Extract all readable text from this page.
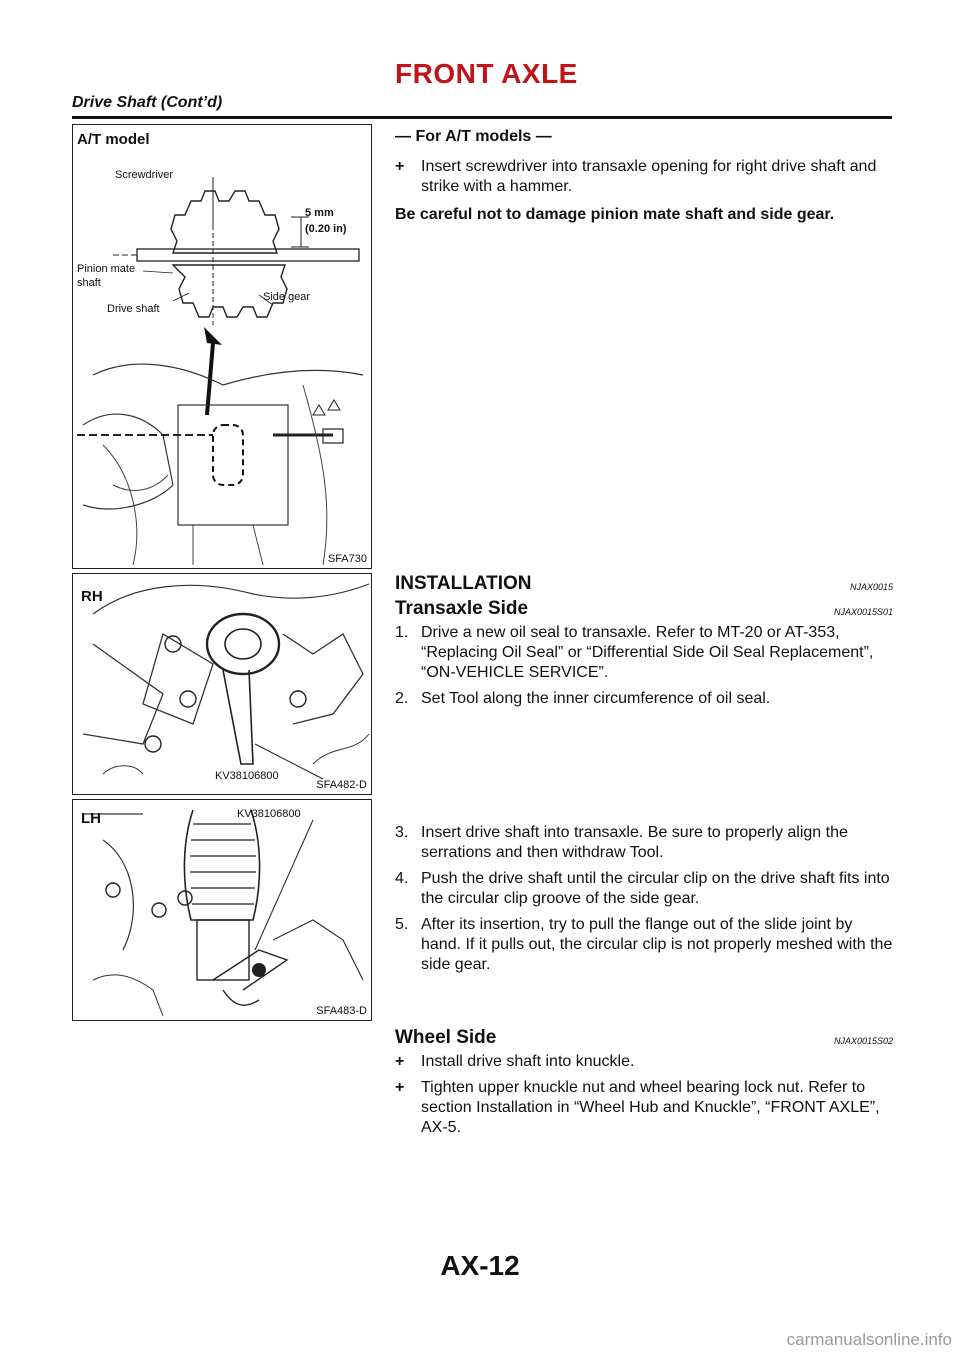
FRONT AXLE
Drive Shaft (Cont’d)
A/T model
Screwdriver
5 mm
(0.20 in)
Pinion mate
shaft
Drive shaft
Side gear
SFA730
RH
KV38106800
SFA482-D
LH	KV38106800
SFA483-D

— For A/T models —

+ Insert screwdriver into transaxle opening for right drive shaft and strike with a hammer.

Be careful not to damage pinion mate shaft and side gear.

INSTALLATION	NJAX0015
Transaxle Side	NJAX0015S01
1. Drive a new oil seal to transaxle. Refer to MT-20 or AT-353, “Replacing Oil Seal” or “Differential Side Oil Seal Replacement”, “ON-VEHICLE SERVICE”.
2. Set Tool along the inner circumference of oil seal.
3. Insert drive shaft into transaxle. Be sure to properly align the serrations and then withdraw Tool.
4. Push the drive shaft until the circular clip on the drive shaft fits into the circular clip groove of the side gear.
5. After its insertion, try to pull the flange out of the slide joint by hand. If it pulls out, the circular clip is not properly meshed with the side gear.
Wheel Side	NJAX0015S02
+ Install drive shaft into knuckle.
+ Tighten upper knuckle nut and wheel bearing lock nut. Refer to section Installation in “Wheel Hub and Knuckle”, “FRONT AXLE”, AX-5.
AX-12
carmanualsonline.info
